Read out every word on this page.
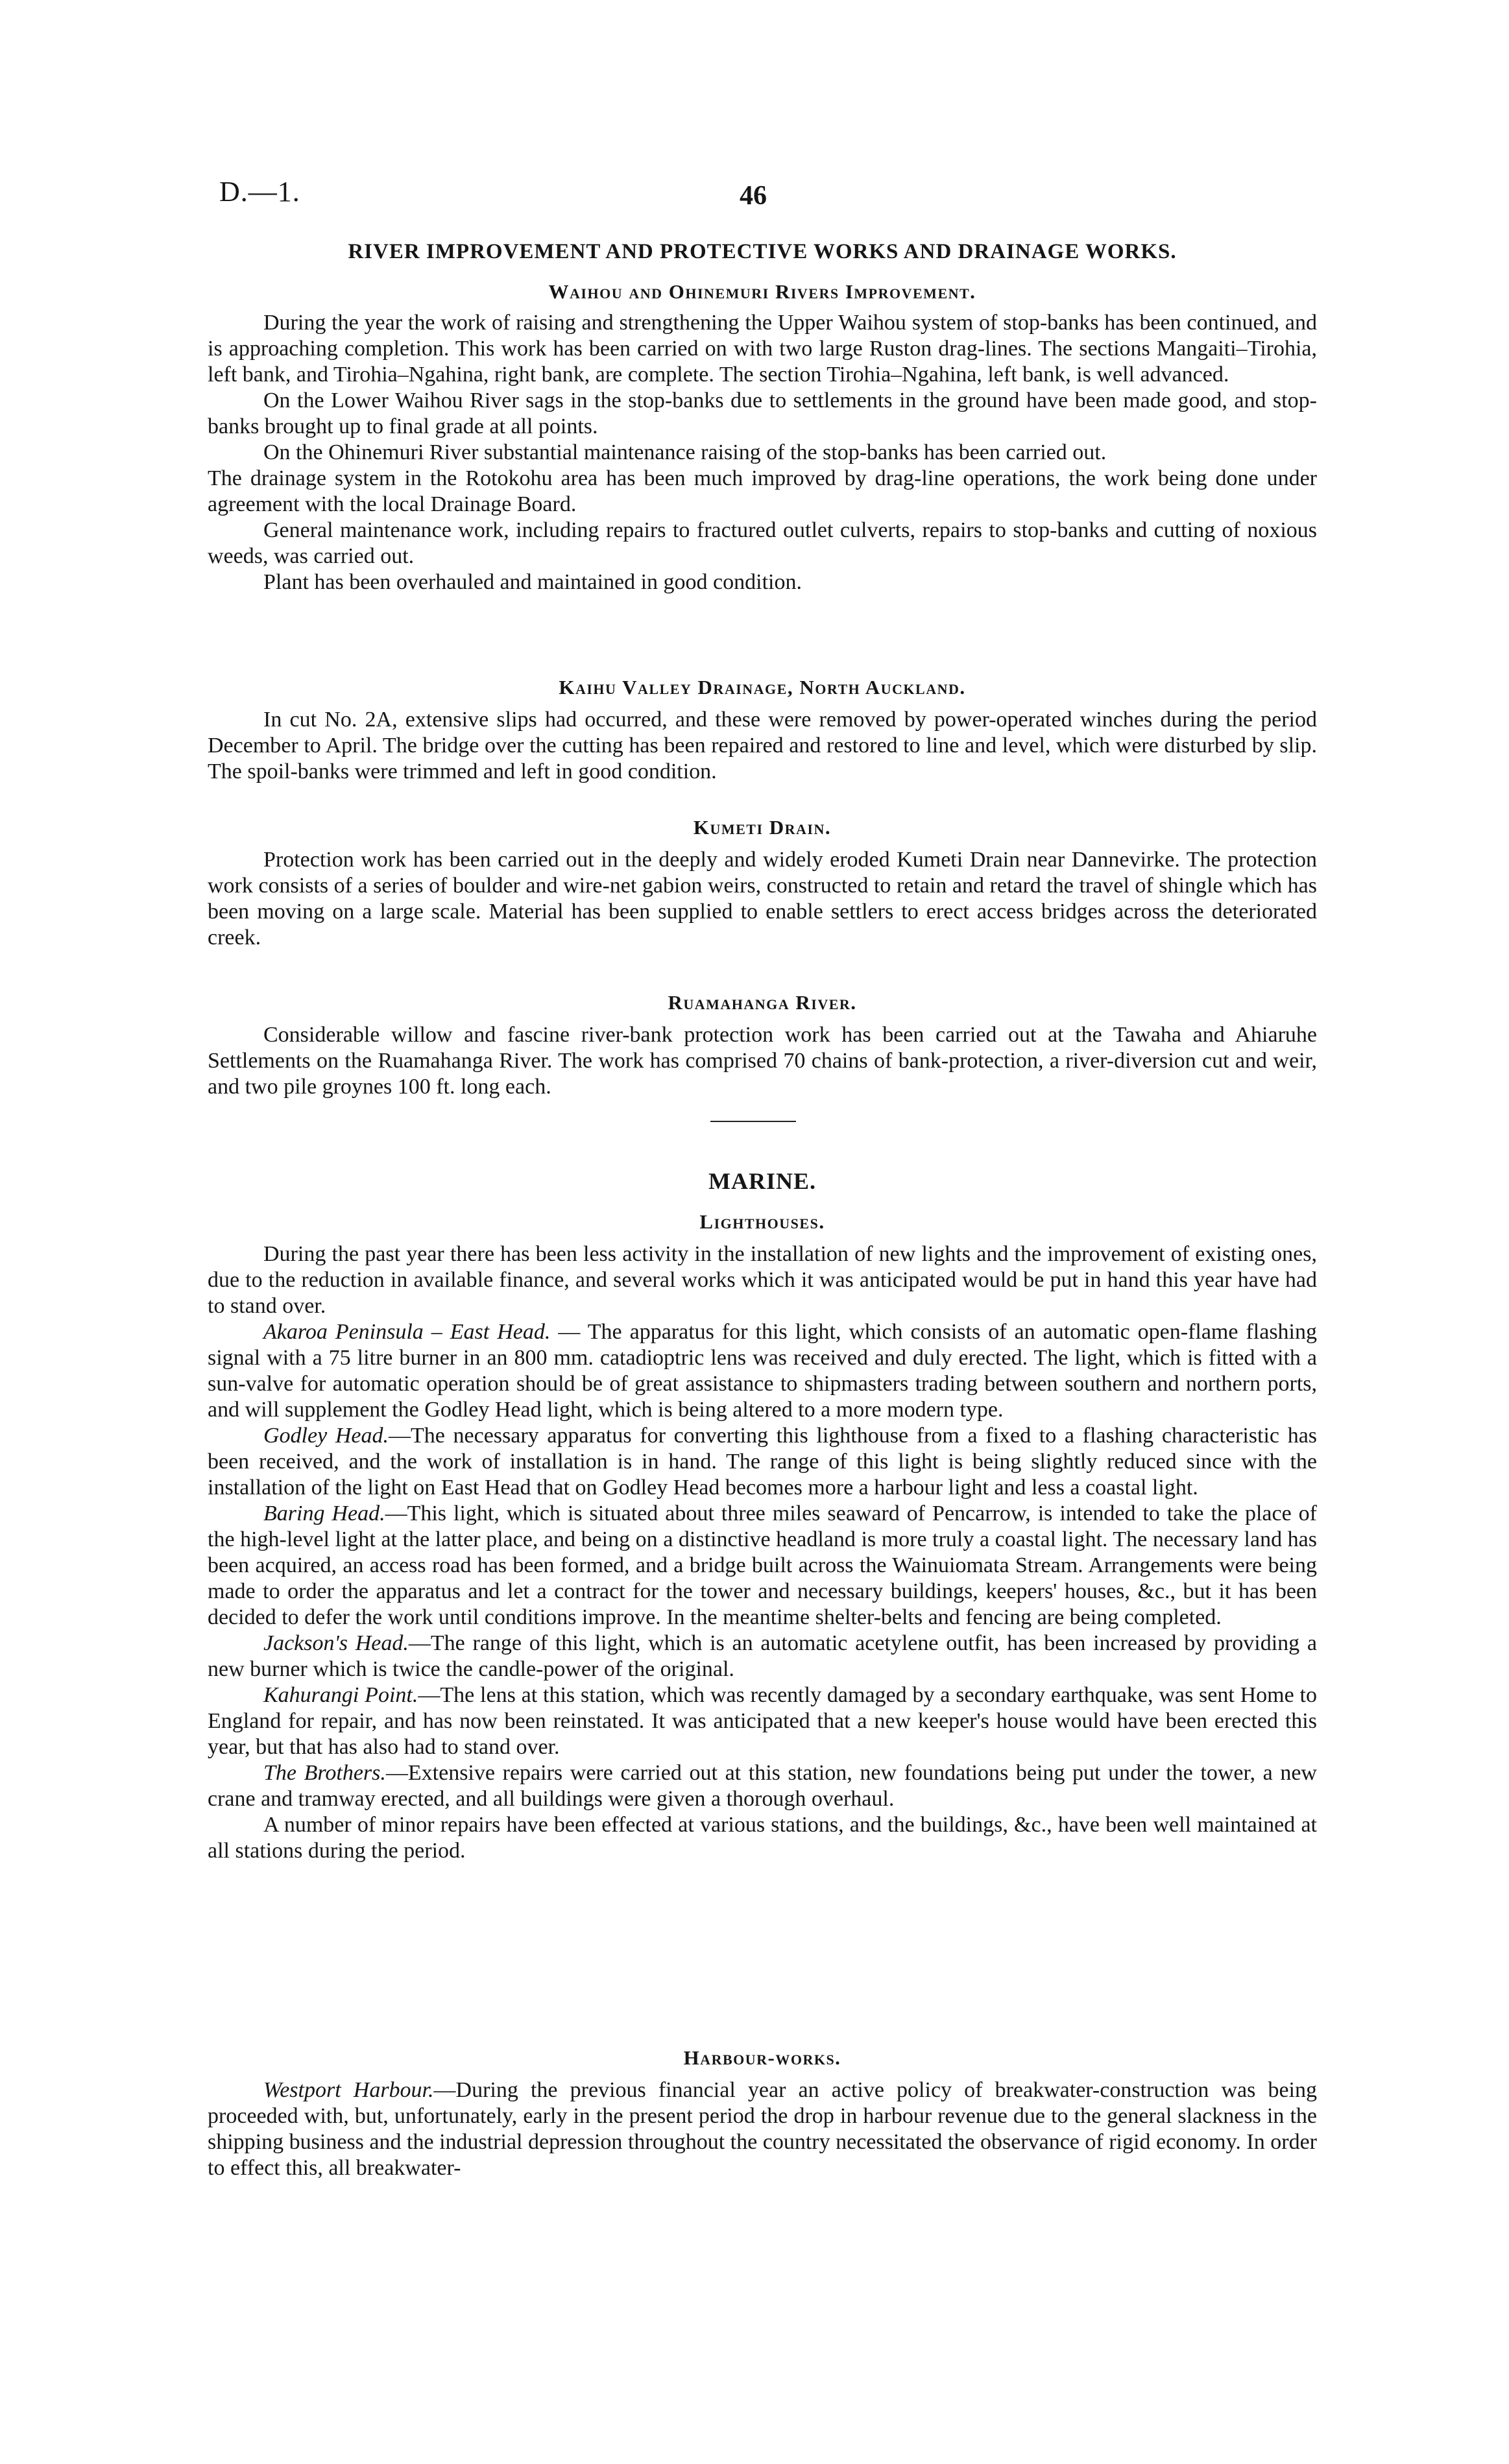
D.—1.	46
RIVER IMPROVEMENT AND PROTECTIVE WORKS AND DRAINAGE WORKS.
Waihou and Ohinemuri Rivers Improvement.

During the year the work of raising and strengthening the Upper Waihou system of stop-banks has been continued, and is approaching completion. This work has been carried on with two large Ruston drag-lines. The sections Mangaiti–Tirohia, left bank, and Tirohia–Ngahina, right bank, are complete. The section Tirohia–Ngahina, left bank, is well advanced.

On the Lower Waihou River sags in the stop-banks due to settlements in the ground have been made good, and stop-banks brought up to final grade at all points.

On the Ohinemuri River substantial maintenance raising of the stop-banks has been carried out.

The drainage system in the Rotokohu area has been much improved by drag-line operations, the work being done under agreement with the local Drainage Board.

General maintenance work, including repairs to fractured outlet culverts, repairs to stop-banks and cutting of noxious weeds, was carried out.

Plant has been overhauled and maintained in good condition.

Kaihu Valley Drainage, North Auckland.

In cut No. 2A, extensive slips had occurred, and these were removed by power-operated winches during the period December to April. The bridge over the cutting has been repaired and restored to line and level, which were disturbed by slip. The spoil-banks were trimmed and left in good condition.

Kumeti Drain.

Protection work has been carried out in the deeply and widely eroded Kumeti Drain near Dannevirke. The protection work consists of a series of boulder and wire-net gabion weirs, constructed to retain and retard the travel of shingle which has been moving on a large scale. Material has been supplied to enable settlers to erect access bridges across the deteriorated creek.

Ruamahanga River.

Considerable willow and fascine river-bank protection work has been carried out at the Tawaha and Ahiaruhe Settlements on the Ruamahanga River. The work has comprised 70 chains of bank-protection, a river-diversion cut and weir, and two pile groynes 100 ft. long each.

MARINE.
Lighthouses.

During the past year there has been less activity in the installation of new lights and the improvement of existing ones, due to the reduction in available finance, and several works which it was anticipated would be put in hand this year have had to stand over.

Akaroa Peninsula – East Head. — The apparatus for this light, which consists of an automatic open-flame flashing signal with a 75 litre burner in an 800 mm. catadioptric lens was received and duly erected. The light, which is fitted with a sun-valve for automatic operation should be of great assistance to shipmasters trading between southern and northern ports, and will supplement the Godley Head light, which is being altered to a more modern type.

Godley Head.—The necessary apparatus for converting this lighthouse from a fixed to a flashing characteristic has been received, and the work of installation is in hand. The range of this light is being slightly reduced since with the installation of the light on East Head that on Godley Head becomes more a harbour light and less a coastal light.

Baring Head.—This light, which is situated about three miles seaward of Pencarrow, is intended to take the place of the high-level light at the latter place, and being on a distinctive headland is more truly a coastal light. The necessary land has been acquired, an access road has been formed, and a bridge built across the Wainuiomata Stream. Arrangements were being made to order the apparatus and let a contract for the tower and necessary buildings, keepers' houses, &c., but it has been decided to defer the work until conditions improve. In the meantime shelter-belts and fencing are being completed.

Jackson's Head.—The range of this light, which is an automatic acetylene outfit, has been increased by providing a new burner which is twice the candle-power of the original.

Kahurangi Point.—The lens at this station, which was recently damaged by a secondary earthquake, was sent Home to England for repair, and has now been reinstated. It was anticipated that a new keeper's house would have been erected this year, but that has also had to stand over.

The Brothers.—Extensive repairs were carried out at this station, new foundations being put under the tower, a new crane and tramway erected, and all buildings were given a thorough overhaul.

A number of minor repairs have been effected at various stations, and the buildings, &c., have been well maintained at all stations during the period.

Harbour-works.

Westport Harbour.—During the previous financial year an active policy of breakwater-construction was being proceeded with, but, unfortunately, early in the present period the drop in harbour revenue due to the general slackness in the shipping business and the industrial depression throughout the country necessitated the observance of rigid economy. In order to effect this, all breakwater-
